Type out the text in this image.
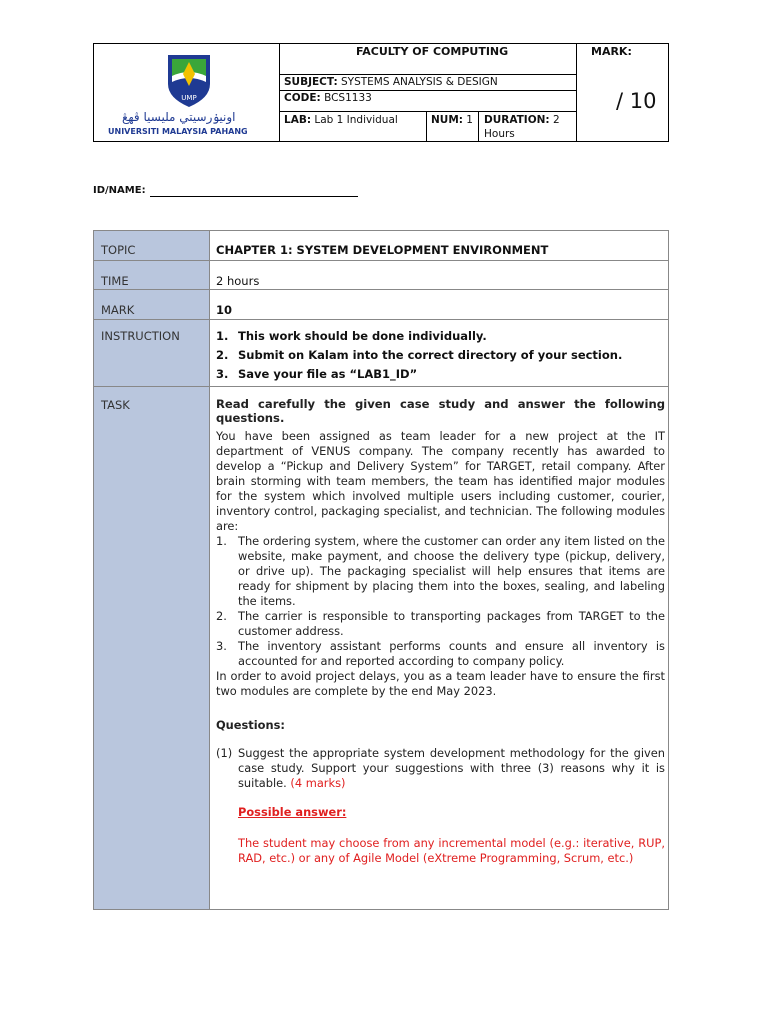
UMP
اونيۏرسيتي مليسيا ڤهڠ
UNIVERSITI MALAYSIA PAHANG
FACULTY OF COMPUTING	MARK:
/ 10
SUBJECT: SYSTEMS ANALYSIS & DESIGN
CODE: BCS1133
LAB: Lab 1 Individual	NUM: 1 DURATION: 2
Hours
ID/NAME:
TOPIC	CHAPTER 1: SYSTEM DEVELOPMENT ENVIRONMENT
TIME	2 hours
MARK	10
INSTRUCTION	1. This work should be done individually.
2. Submit on Kalam into the correct directory of your section.
3. Save your file as “LAB1_ID”
TASK	Read carefully the given case study and answer the following questions.

You have been assigned as team leader for a new project at the IT department of VENUS company. The company recently has awarded to develop a “Pickup and Delivery System” for TARGET, retail company. After brain storming with team members, the team has identified major modules for the system which involved multiple users including customer, courier, inventory control, packaging specialist, and technician. The following modules are:

1. The ordering system, where the customer can order any item listed on the website, make payment, and choose the delivery type (pickup, delivery, or drive up). The packaging specialist will help ensures that items are ready for shipment by placing them into the boxes, sealing, and labeling the items.
2. The carrier is responsible to transporting packages from TARGET to the customer address.
3. The inventory assistant performs counts and ensure all inventory is accounted for and reported according to company policy.

In order to avoid project delays, you as a team leader have to ensure the first two modules are complete by the end May 2023.

Questions:

(1) Suggest the appropriate system development methodology for the given case study. Support your suggestions with three (3) reasons why it is suitable. (4 marks)

Possible answer:

The student may choose from any incremental model (e.g.: iterative, RUP, RAD, etc.) or any of Agile Model (eXtreme Programming, Scrum, etc.)
